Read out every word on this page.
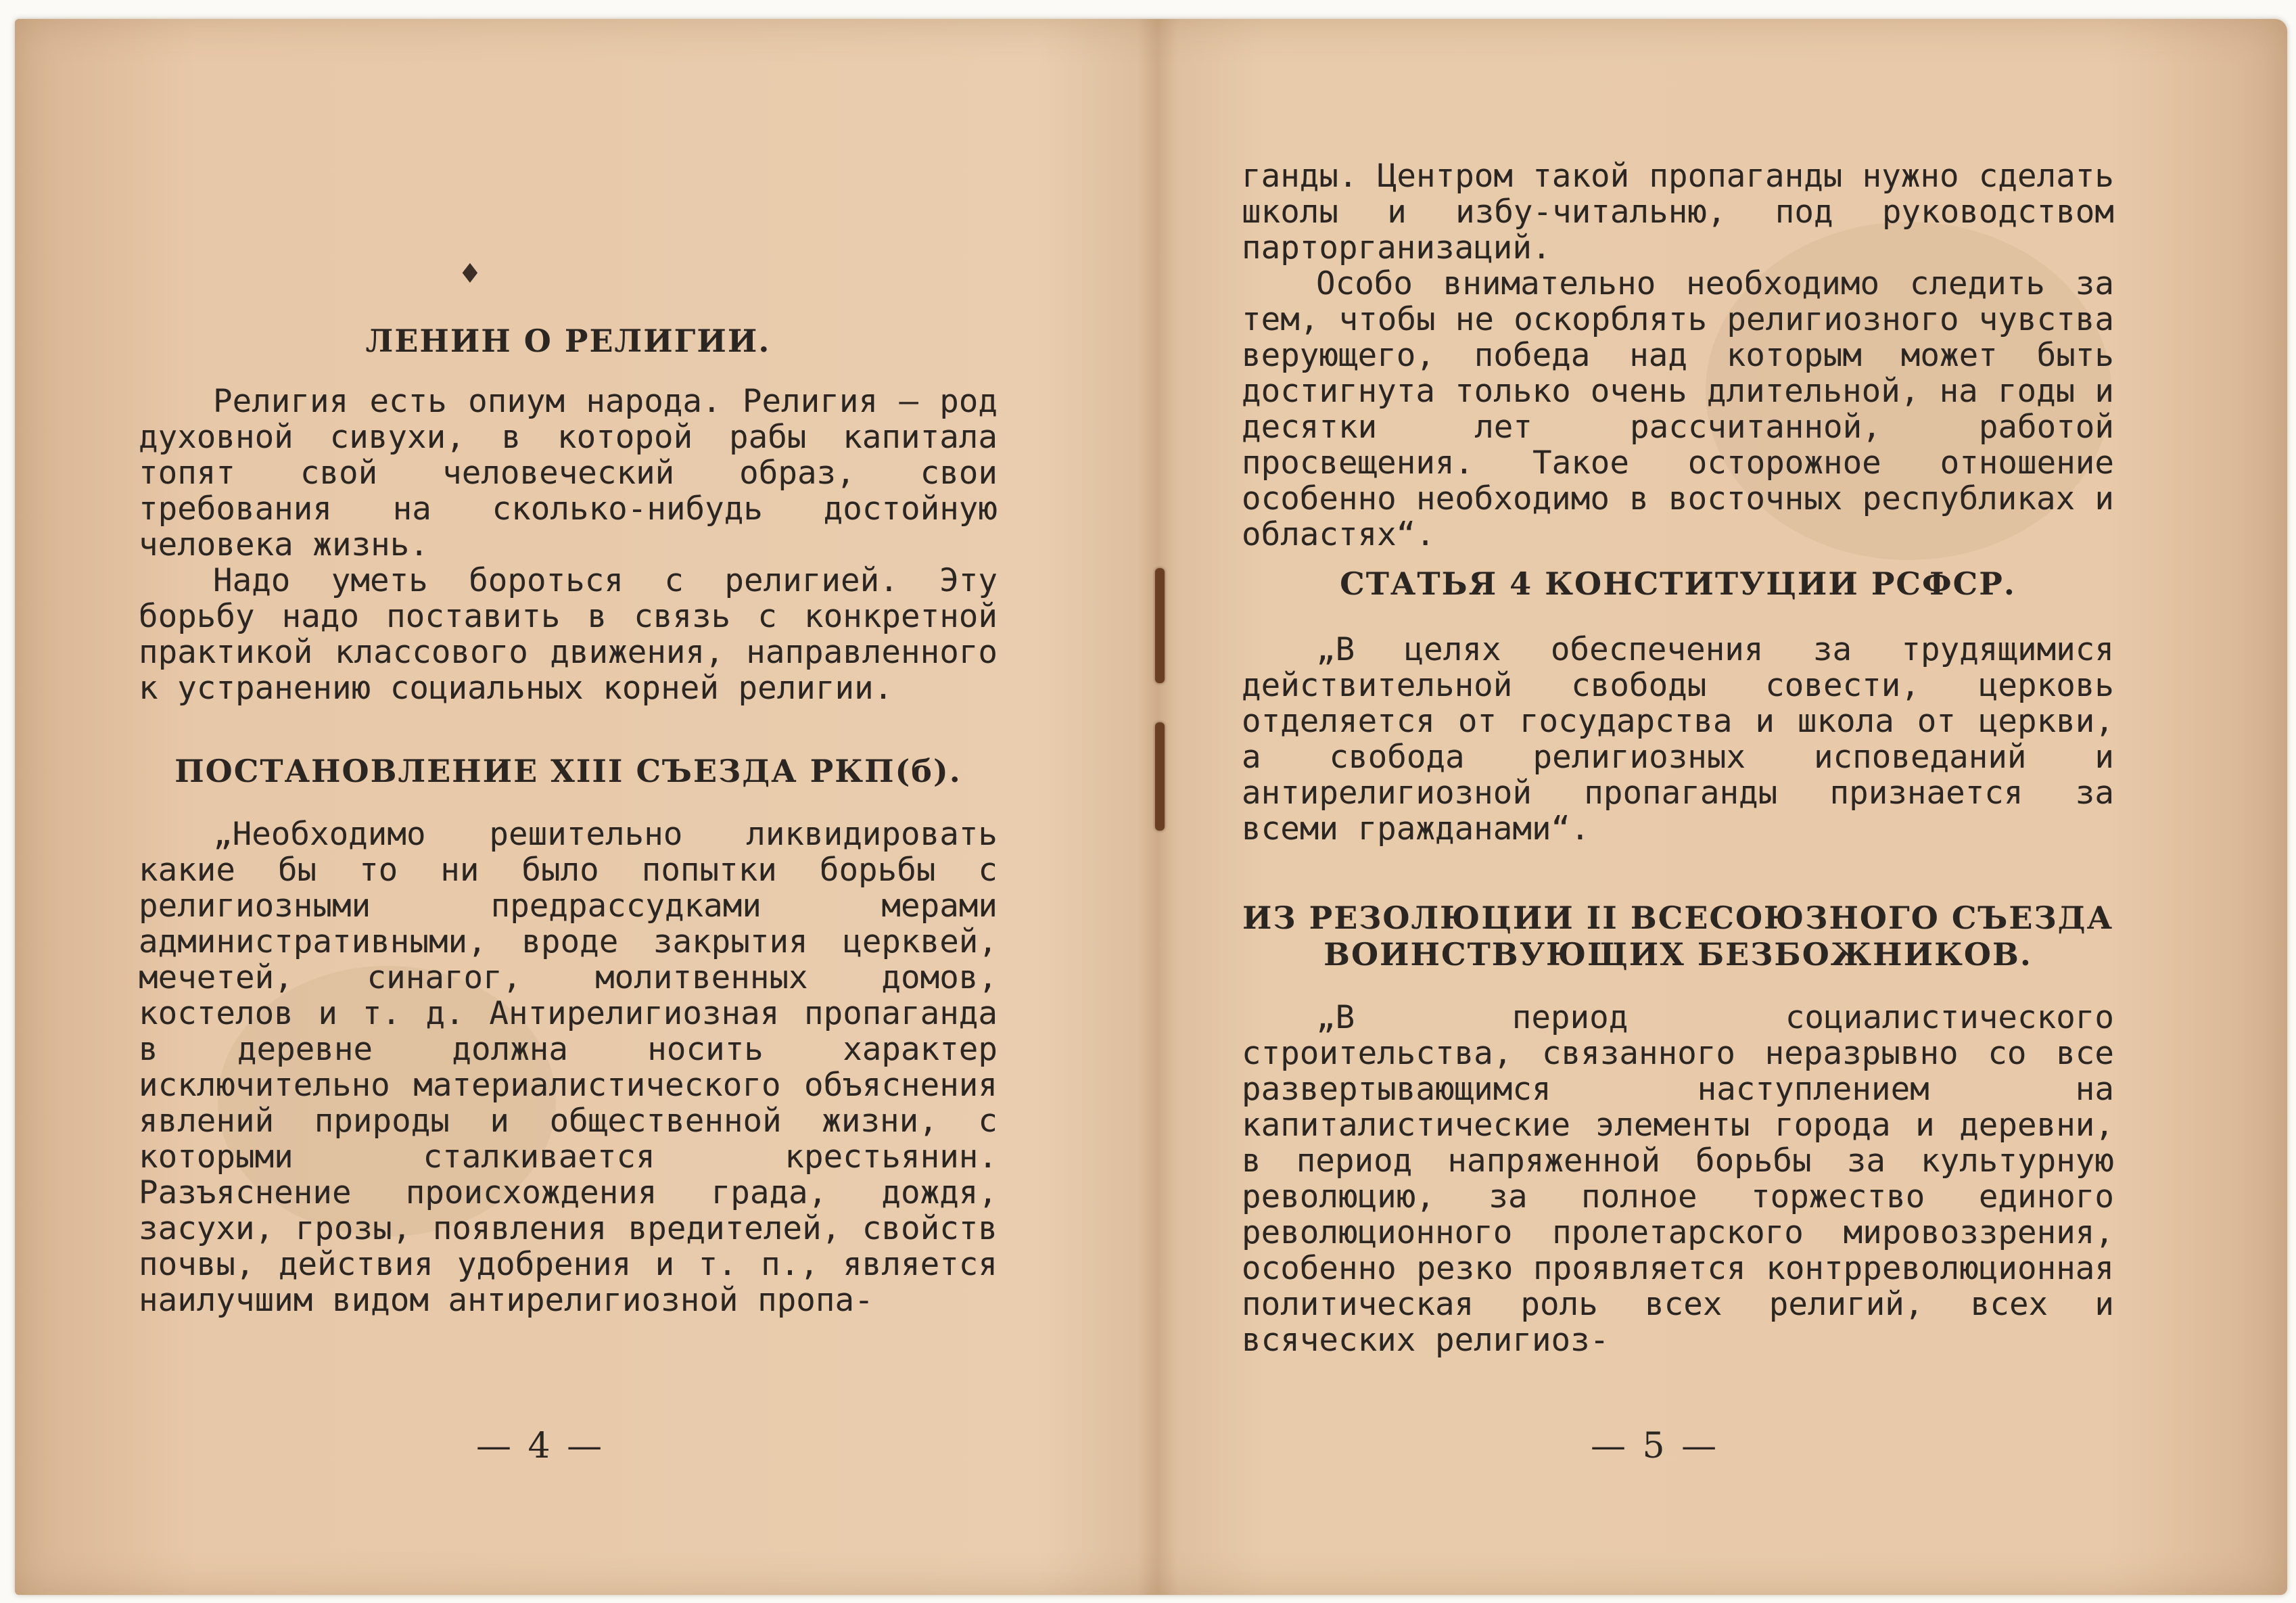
♦
ЛЕНИН О РЕЛИГИИ.

Религия есть опиум народа. Религия — род духовной сивухи, в которой рабы капитала топят свой человеческий образ, свои требования на сколько-нибудь достойную человека жизнь.

Надо уметь бороться с религией. Эту борьбу надо поставить в связь с конкретной практикой классового движения, направленного к устранению социальных корней религии.

ПОСТАНОВЛЕНИЕ XIII СЪЕЗДА РКП(б).

„Необходимо решительно ликвидировать какие бы то ни было попытки борьбы с религиозными предрассудками мерами административными, вроде закрытия церквей, мечетей, синагог, молитвенных домов, костелов и т. д. Антирелигиозная пропаганда в деревне должна носить характер исключительно материалистического объяснения явлений природы и общественной жизни, с которыми сталкивается крестьянин. Разъяснение происхождения града, дождя, засухи, грозы, появления вредителей, свойств почвы, действия удобрения и т. п., является наилучшим видом антирелигиозной пропа-

— 4 —

ганды. Центром такой пропаганды нужно сделать школы и избу-читальню, под руководством парторганизаций.

Особо внимательно необходимо следить за тем, чтобы не оскорблять религиозного чувства верующего, победа над которым может быть достигнута только очень длительной, на годы и десятки лет рассчитанной, работой просвещения. Такое осторожное отношение особенно необходимо в восточных республиках и областях“.

СТАТЬЯ 4 КОНСТИТУЦИИ РСФСР.

„В целях обеспечения за трудящимися действительной свободы совести, церковь отделяется от государства и школа от церкви, а свобода религиозных исповеданий и антирелигиозной пропаганды признается за всеми гражданами“.

ИЗ РЕЗОЛЮЦИИ II ВСЕСОЮЗНОГО СЪЕЗДА ВОИНСТВУЮЩИХ БЕЗБОЖНИКОВ.

„В период социалистического строительства, связанного неразрывно со все развертывающимся наступлением на капиталистические элементы города и деревни, в период напряженной борьбы за культурную революцию, за полное торжество единого революционного пролетарского мировоззрения, особенно резко проявляется контрреволюционная политическая роль всех религий, всех и всяческих религиоз-

— 5 —
